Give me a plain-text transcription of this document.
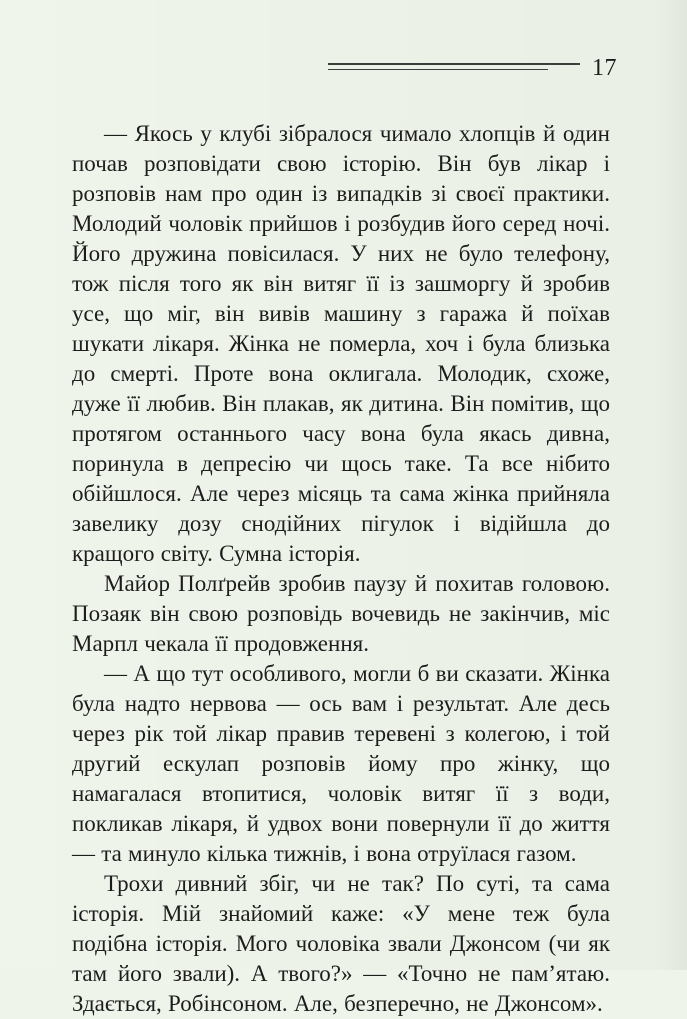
17

— Якось у клубі зібралося чимало хлопців й один почав розповідати свою історію. Він був лікар і розповів нам про один із випадків зі своєї практики. Молодий чоловік прийшов і розбудив його серед ночі. Його дружина повісилася. У них не було телефону, тож після того як він витяг її із зашморгу й зробив усе, що міг, він вивів машину з гаража й поїхав шукати лікаря. Жінка не померла, хоч і була близька до смерті. Проте вона оклигала. Молодик, схоже, дуже її любив. Він плакав, як дитина. Він помітив, що протягом останнього часу вона була якась дивна, поринула в депресію чи щось таке. Та все нібито обійшлося. Але через місяць та сама жінка прийняла завелику дозу снодійних пігулок і відійшла до кращого світу. Сумна історія.

Майор Полґрейв зробив паузу й похитав головою. Позаяк він свою розповідь вочевидь не закінчив, міс Марпл чекала її продовження.

— А що тут особливого, могли б ви сказати. Жінка була надто нервова — ось вам і результат. Але десь через рік той лікар правив теревені з колегою, і той другий ескулап розповів йому про жінку, що намагалася втопитися, чоловік витяг її з води, покликав лікаря, й удвох вони повернули її до життя — та минуло кілька тижнів, і вона отруїлася газом.

Трохи дивний збіг, чи не так? По суті, та сама історія. Мій знайомий каже: «У мене теж була подібна історія. Мого чоловіка звали Джонсом (чи як там його звали). А твого?» — «Точно не пам’ятаю. Здається, Робінсоном. Але, безперечно, не Джонсом».
